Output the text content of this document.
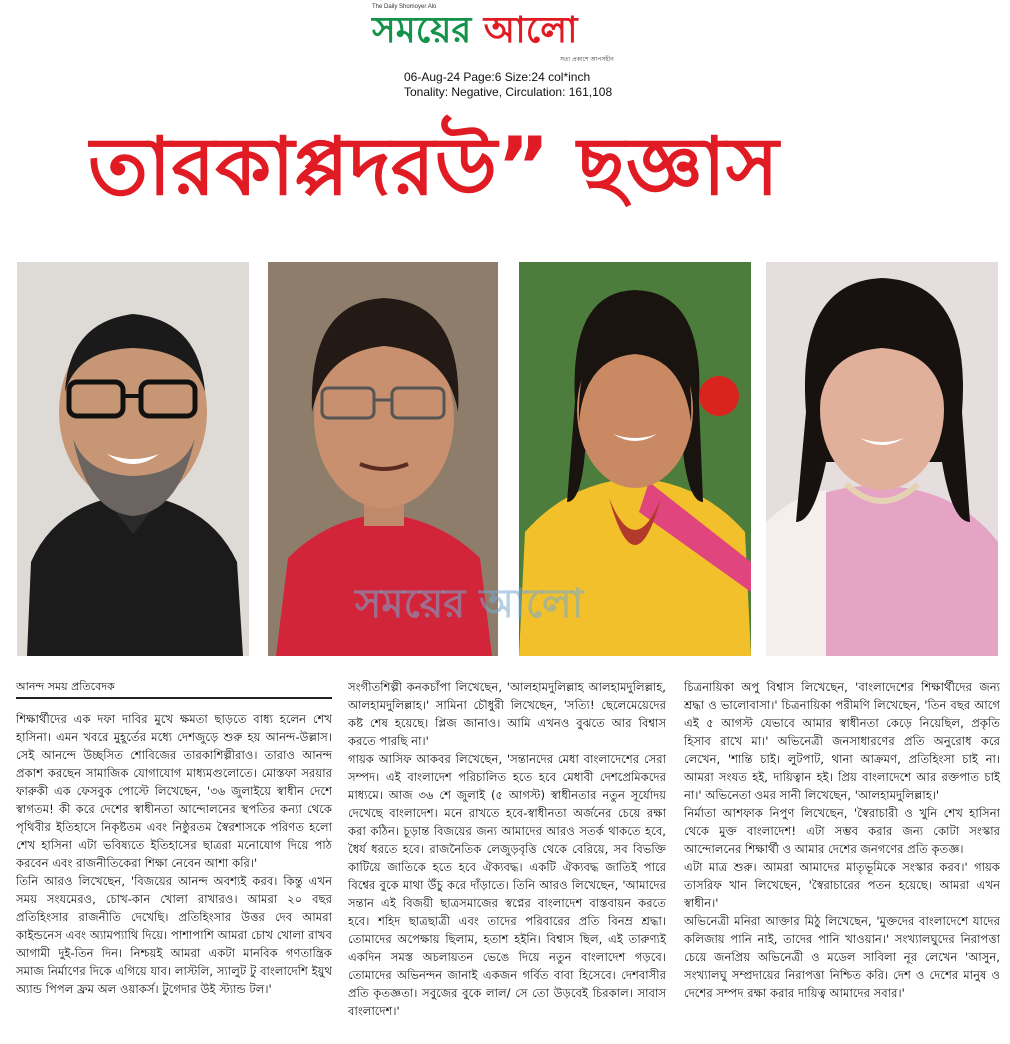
The Daily Shomoyer Alo
সময়ের আলো
সত্য প্রকাশে আপসহীন
06-Aug-24 Page:6 Size:24 col*inch
Tonality: Negative, Circulation: 161,108
তারকাপ্পদরউ” ছজ্ঞাস
সময়ের আলো
আনন্দ সময় প্রতিবেদক

শিক্ষার্থীদের এক দফা দাবির মুখে ক্ষমতা ছাড়তে বাধ্য হলেন শেখ হাসিনা। এমন খবরে মুহূর্তের মধ্যে দেশজুড়ে শুরু হয় আনন্দ-উল্লাস। সেই আনন্দে উচ্ছসিত শোবিজের তারকাশিল্পীরাও। তারাও আনন্দ প্রকাশ করছেন সামাজিক যোগাযোগ মাধ্যমগুলোতে। মোস্তফা সরয়ার ফারুকী এক ফেসবুক পোস্টে লিখেছেন, '৩৬ জুলাইয়ে স্বাধীন দেশে স্বাগতম! কী করে দেশের স্বাধীনতা আন্দোলনের স্থপতির কন্যা থেকে পৃথিবীর ইতিহাসে নিকৃষ্টতম এবং নিষ্ঠুরতম স্বৈরশাসকে পরিণত হলো শেখ হাসিনা এটা ভবিষ্যতে ইতিহাসের ছাত্ররা মনোযোগ দিয়ে পাঠ করবেন এবং রাজনীতিকেরা শিক্ষা নেবেন আশা করি।'

তিনি আরও লিখেছেন, 'বিজয়ের আনন্দ অবশ্যই করব। কিন্তু এখন সময় সংযমেরও, চোখ-কান খোলা রাখারও। আমরা ২০ বছর প্রতিহিংসার রাজনীতি দেখেছি। প্রতিহিংসার উত্তর দেব আমরা কাইন্ডনেস এবং অ্যামপ্যাথি দিয়ে। পাশাপাশি আমরা চোখ খোলা রাখব আগামী দুই-তিন দিন। নিশ্চয়ই আমরা একটা মানবিক গণতান্ত্রিক সমাজ নির্মাণের দিকে এগিয়ে যাব। লাস্টলি, স্যালুট টু বাংলাদেশি ইয়ুথ অ্যান্ড পিপল ফ্রম অল ওয়াকর্স। টুগেদার উই স্ট্যান্ড টল।'

সংগীতশিল্পী কনকচাঁপা লিখেছেন, 'আলহামদুলিল্লাহ আলহামদুলিল্লাহ, আলহামদুলিল্লাহ।' সামিনা চৌধুরী লিখেছেন, 'সত্যি! ছেলেমেয়েদের কষ্ট শেষ হয়েছে। প্লিজ জানাও। আমি এখনও বুঝতে আর বিশ্বাস করতে পারছি না।'

গায়ক আসিফ আকবর লিখেছেন, 'সন্তানদের মেধা বাংলাদেশের সেরা সম্পদ। এই বাংলাদেশ পরিচালিত হতে হবে মেধাবী দেশপ্রেমিকদের মাধ্যমে। আজ ৩৬ শে জুলাই (৫ আগস্ট) স্বাধীনতার নতুন সূর্যোদয় দেখেছে বাংলাদেশ। মনে রাখতে হবে-স্বাধীনতা অর্জনের চেয়ে রক্ষা করা কঠিন। চূড়ান্ত বিজয়ের জন্য আমাদের আরও সতর্ক থাকতে হবে, ধৈর্য ধরতে হবে। রাজনৈতিক লেজুড়বৃত্তি থেকে বেরিয়ে, সব বিভক্তি কাটিয়ে জাতিকে হতে হবে ঐক্যবদ্ধ। একটি ঐক্যবদ্ধ জাতিই পারে বিশ্বের বুকে মাথা উঁচু করে দাঁড়াতে। তিনি আরও লিখেছেন, 'আমাদের সন্তান এই বিজয়ী ছাত্রসমাজের স্বপ্নের বাংলাদেশ বাস্তবায়ন করতে হবে। শহিদ ছাত্রছাত্রী এবং তাদের পরিবারের প্রতি বিনম্র শ্রদ্ধা। তোমাদের অপেক্ষায় ছিলাম, হতাশ হইনি। বিশ্বাস ছিল, এই তারুণ্যই একদিন সমস্ত অচলায়তন ভেঙে দিয়ে নতুন বাংলাদেশ গড়বে। তোমাদের অভিনন্দন জানাই একজন গর্বিত বাবা হিসেবে। দেশবাসীর প্রতি কৃতজ্ঞতা। সবুজের বুকে লাল/ সে তো উড়বেই চিরকাল। সাবাস বাংলাদেশ।'

চিত্রনায়িকা অপু বিশ্বাস লিখেছেন, 'বাংলাদেশের শিক্ষার্থীদের জন্য শ্রদ্ধা ও ভালোবাসা।' চিত্রনায়িকা পরীমণি লিখেছেন, 'তিন বছর আগে এই ৫ আগস্ট যেভাবে আমার স্বাধীনতা কেড়ে নিয়েছিল, প্রকৃতি হিসাব রাখে মা।' অভিনেত্রী জনসাধারণের প্রতি অনুরোধ করে লেখেন, 'শান্তি চাই। লুটপাট, থানা আক্রমণ, প্রতিহিংসা চাই না। আমরা সংযত হই, দায়িত্বান হই। প্রিয় বাংলাদেশে আর রক্তপাত চাই না।' অভিনেতা ওমর সানী লিখেছেন, 'আলহামদুলিল্লাহ।'

নির্মাতা আশফাক নিপুণ লিখেছেন, 'স্বৈরাচারী ও খুনি শেখ হাসিনা থেকে মুক্ত বাংলাদেশ! এটা সম্ভব করার জন্য কোটা সংস্কার আন্দোলনের শিক্ষার্থী ও আমার দেশের জনগণের প্রতি কৃতজ্ঞ।

এটা মাত্র শুরু। আমরা আমাদের মাতৃভূমিকে সংস্কার করব।' গায়ক তাসরিফ খান লিখেছেন, 'স্বৈরাচারের পতন হয়েছে। আমরা এখন স্বাধীন।'

অভিনেত্রী মনিরা আক্তার মিঠু লিখেছেন, 'মুক্তদের বাংলাদেশে যাদের কলিজায় পানি নাই, তাদের পানি খাওয়ান।' সংখ্যালঘুদের নিরাপত্তা চেয়ে জনপ্রিয় অভিনেত্রী ও মডেল সাবিলা নূর লেখেন 'আসুন, সংখ্যালঘু সম্প্রদায়ের নিরাপত্তা নিশ্চিত করি। দেশ ও দেশের মানুষ ও দেশের সম্পদ রক্ষা করার দায়িত্ব আমাদের সবার।'
